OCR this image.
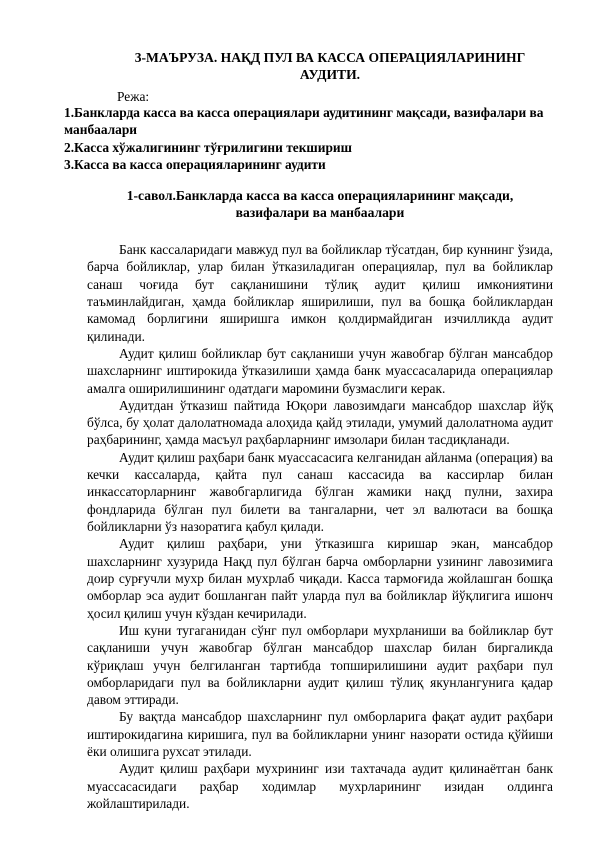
3-МАЪРУЗА. НАҚД ПУЛ ВА КАССА ОПЕРАЦИЯЛАРИНИНГ АУДИТИ.
Режа:
1.Банкларда касса ва касса операциялари аудитининг мақсади, вазифалари ва манбаалари
2.Касса хўжалигининг тўғрилигини текшириш
3.Касса ва касса операцияларининг аудити
1-савол.Банкларда касса ва касса операцияларининг мақсади, вазифалари ва манбаалари

Банк кассаларидаги мавжуд пул ва бойликлар тўсатдан, бир куннинг ўзида, барча бойликлар, улар билан ўтказиладиган операциялар, пул ва бойликлар санаш чоғида бут сақланишини тўлиқ аудит қилиш имкониятини таъминлайдиган, ҳамда бойликлар яширилиши, пул ва бошқа бойликлардан камомад борлигини яширишга имкон қолдирмайдиган изчилликда аудит қилинади.

Аудит қилиш бойликлар бут сақланиши учун жавобгар бўлган мансабдор шахсларнинг иштирокида ўтказилиши ҳамда банк муассасаларида операциялар амалга оширилишининг одатдаги маромини бузмаслиги керак.

Аудитдан ўтказиш пайтида Юқори лавозимдаги мансабдор шахслар йўқ бўлса, бу ҳолат далолатномада алоҳида қайд этилади, умумий далолатнома аудит раҳбарининг, ҳамда масъул раҳбарларнинг имзолари билан тасдиқланади.

Аудит қилиш раҳбари банк муассасасига келганидан айланма (операция) ва кечки кассаларда, қайта пул санаш кассасида ва кассирлар билан инкассаторларнинг жавобгарлигида бўлган жамики нақд пулни, захира фондларида бўлган пул билети ва тангаларни, чет эл валютаси ва бошқа бойликларни ўз назоратига қабул қилади.

Аудит қилиш раҳбари, уни ўтказишга киришар экан, мансабдор шахсларнинг хузурида Нақд пул бўлган барча омборларни узининг лавозимига доир сурғучли мухр билан мухрлаб чиқади. Касса тармоғида жойлашган бошқа омборлар эса аудит бошланган пайт уларда пул ва бойликлар йўқлигига ишонч ҳосил қилиш учун кўздан кечирилади.

Иш куни тугаганидан сўнг пул омборлари мухрланиши ва бойликлар бут сақланиши учун жавобгар бўлган мансабдор шахслар билан биргаликда кўриқлаш учун белгиланган тартибда топширилишини аудит раҳбари пул омборларидаги пул ва бойликларни аудит қилиш тўлиқ якунлангунига қадар давом эттиради.

Бу вақтда мансабдор шахсларнинг пул омборларига фақат аудит раҳбари иштирокидагина киришига, пул ва бойликларни унинг назорати остида қўйиши ёки олишига рухсат этилади.

Аудит қилиш раҳбари мухрининг изи тахтачада аудит қилинаётган банк муассасасидаги раҳбар ходимлар мухрларининг изидан олдинга жойлаштирилади.
